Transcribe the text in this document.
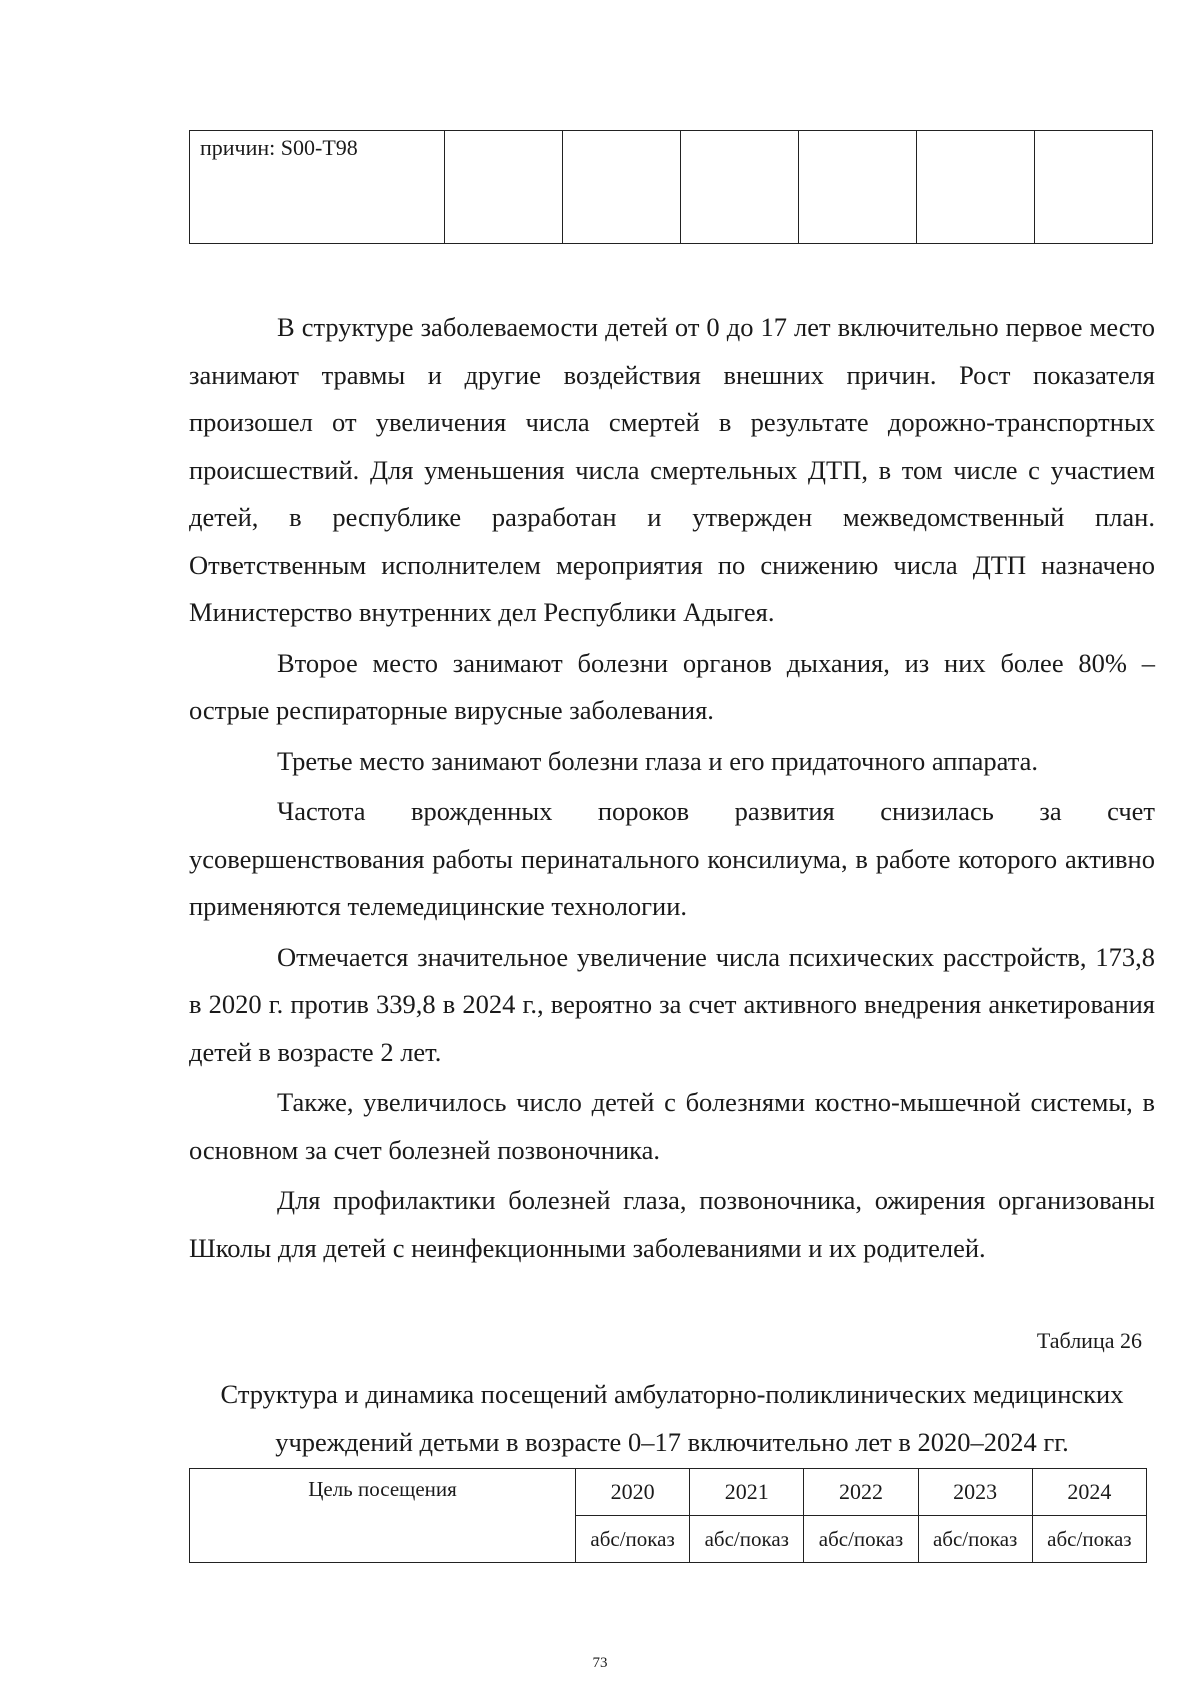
причин: S00-T98						

В структуре заболеваемости детей от 0 до 17 лет включительно первое место занимают травмы и другие воздействия внешних причин. Рост показателя произошел от увеличения числа смертей в результате дорожно-транспортных происшествий. Для уменьшения числа смертельных ДТП, в том числе с участием детей, в республике разработан и утвержден межведомственный план. Ответственным исполнителем мероприятия по снижению числа ДТП назначено Министерство внутренних дел Республики Адыгея.

Второе место занимают болезни органов дыхания, из них более 80% – острые респираторные вирусные заболевания.

Третье место занимают болезни глаза и его придаточного аппарата.

Частота врожденных пороков развития снизилась за счет усовершенствования работы перинатального консилиума, в работе которого активно применяются телемедицинские технологии.

Отмечается значительное увеличение числа психических расстройств, 173,8 в 2020 г. против 339,8 в 2024 г., вероятно за счет активного внедрения анкетирования детей в возрасте 2 лет.

Также, увеличилось число детей с болезнями костно-мышечной системы, в основном за счет болезней позвоночника.

Для профилактики болезней глаза, позвоночника, ожирения организованы Школы для детей с неинфекционными заболеваниями и их родителей.

Таблица 26
Структура и динамика посещений амбулаторно-поликлинических медицинских
учреждений детьми в возрасте 0–17 включительно лет в 2020–2024 гг.
Цель посещения	2020	2021	2022	2023	2024
	абс/показ	абс/показ	абс/показ	абс/показ	абс/показ
73
